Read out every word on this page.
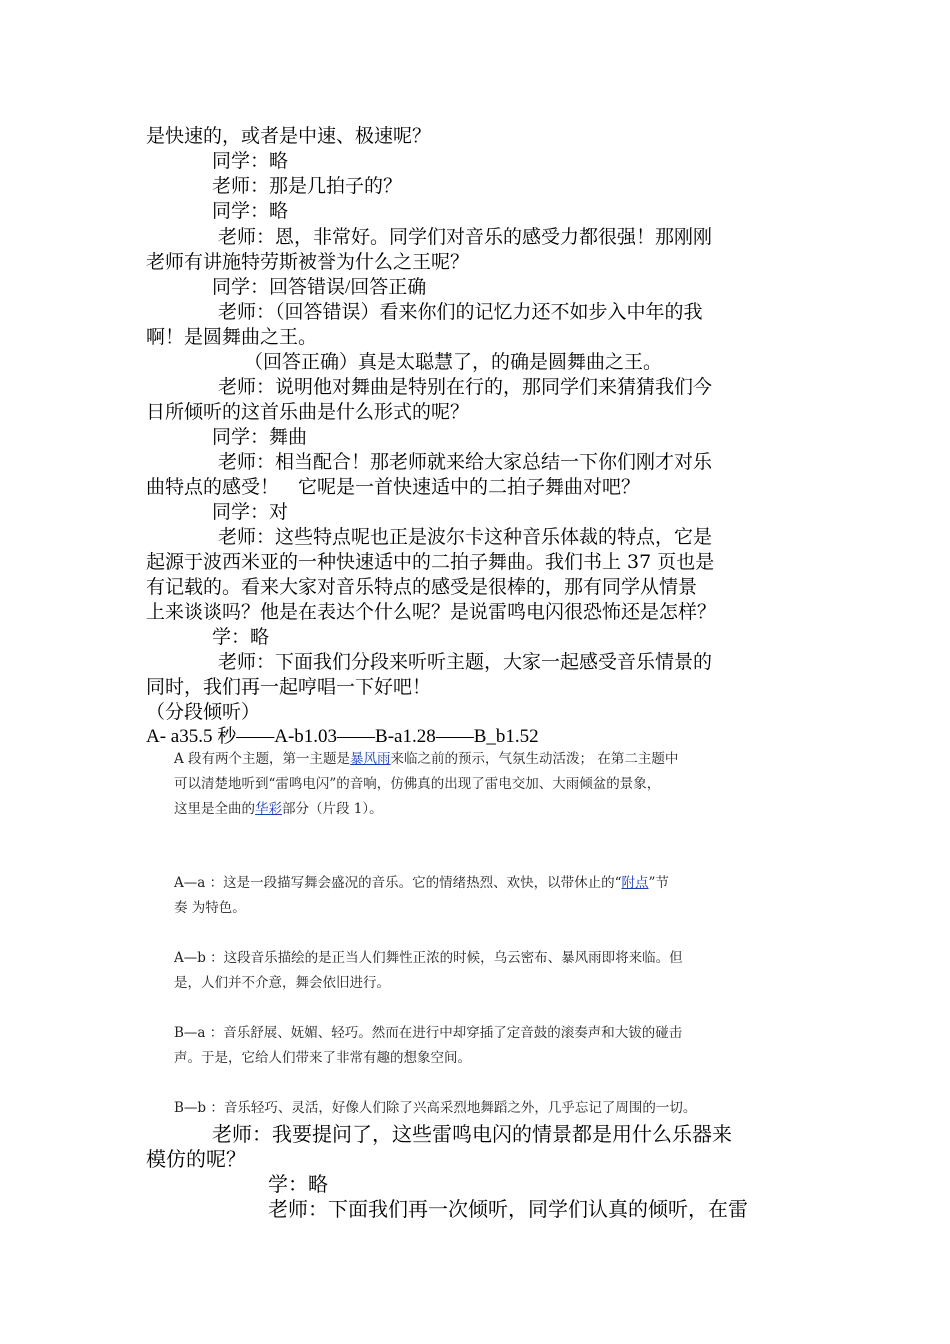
是快速的，或者是中速、极速呢？

同学：略

老师：那是几拍子的？

同学：略

老师：恩，非常好。同学们对音乐的感受力都很强！那刚刚

老师有讲施特劳斯被誉为什么之王呢？

同学：回答错误/回答正确

老师：（回答错误）看来你们的记忆力还不如步入中年的我

啊！是圆舞曲之王。

（回答正确）真是太聪慧了，的确是圆舞曲之王。

老师：说明他对舞曲是特别在行的，那同学们来猜猜我们今

日所倾听的这首乐曲是什么形式的呢？

同学：舞曲

老师：相当配合！那老师就来给大家总结一下你们刚才对乐

曲特点的感受！　它呢是一首快速适中的二拍子舞曲对吧？

同学：对

老师：这些特点呢也正是波尔卡这种音乐体裁的特点，它是

起源于波西米亚的一种快速适中的二拍子舞曲。我们书上 37 页也是

有记载的。看来大家对音乐特点的感受是很棒的，那有同学从情景

上来谈谈吗？他是在表达个什么呢？是说雷鸣电闪很恐怖还是怎样？

学：略

老师：下面我们分段来听听主题，大家一起感受音乐情景的

同时，我们再一起哼唱一下好吧！

（分段倾听）

A- a35.5 秒——A-b1.03——B-a1.28——B_b1.52

A 段有两个主题，第一主题是暴风雨来临之前的预示，气氛生动活泼； 在第二主题中

可以清楚地听到“雷鸣电闪”的音响，仿佛真的出现了雷电交加、大雨倾盆的景象，

这里是全曲的华彩部分（片段 1）。

A—a ：这是一段描写舞会盛况的音乐。它的情绪热烈、欢快，以带休止的“附点”节

奏 为特色。

A—b ：这段音乐描绘的是正当人们舞性正浓的时候，乌云密布、暴风雨即将来临。但

是，人们并不介意，舞会依旧进行。

B—a ：音乐舒展、妩媚、轻巧。然而在进行中却穿插了定音鼓的滚奏声和大钹的碰击

声。于是，它给人们带来了非常有趣的想象空间。

B—b ：音乐轻巧、灵活，好像人们除了兴高采烈地舞蹈之外，几乎忘记了周围的一切。

老师：我要提问了，这些雷鸣电闪的情景都是用什么乐器来

模仿的呢？

学：略

老师：下面我们再一次倾听，同学们认真的倾听，在雷
